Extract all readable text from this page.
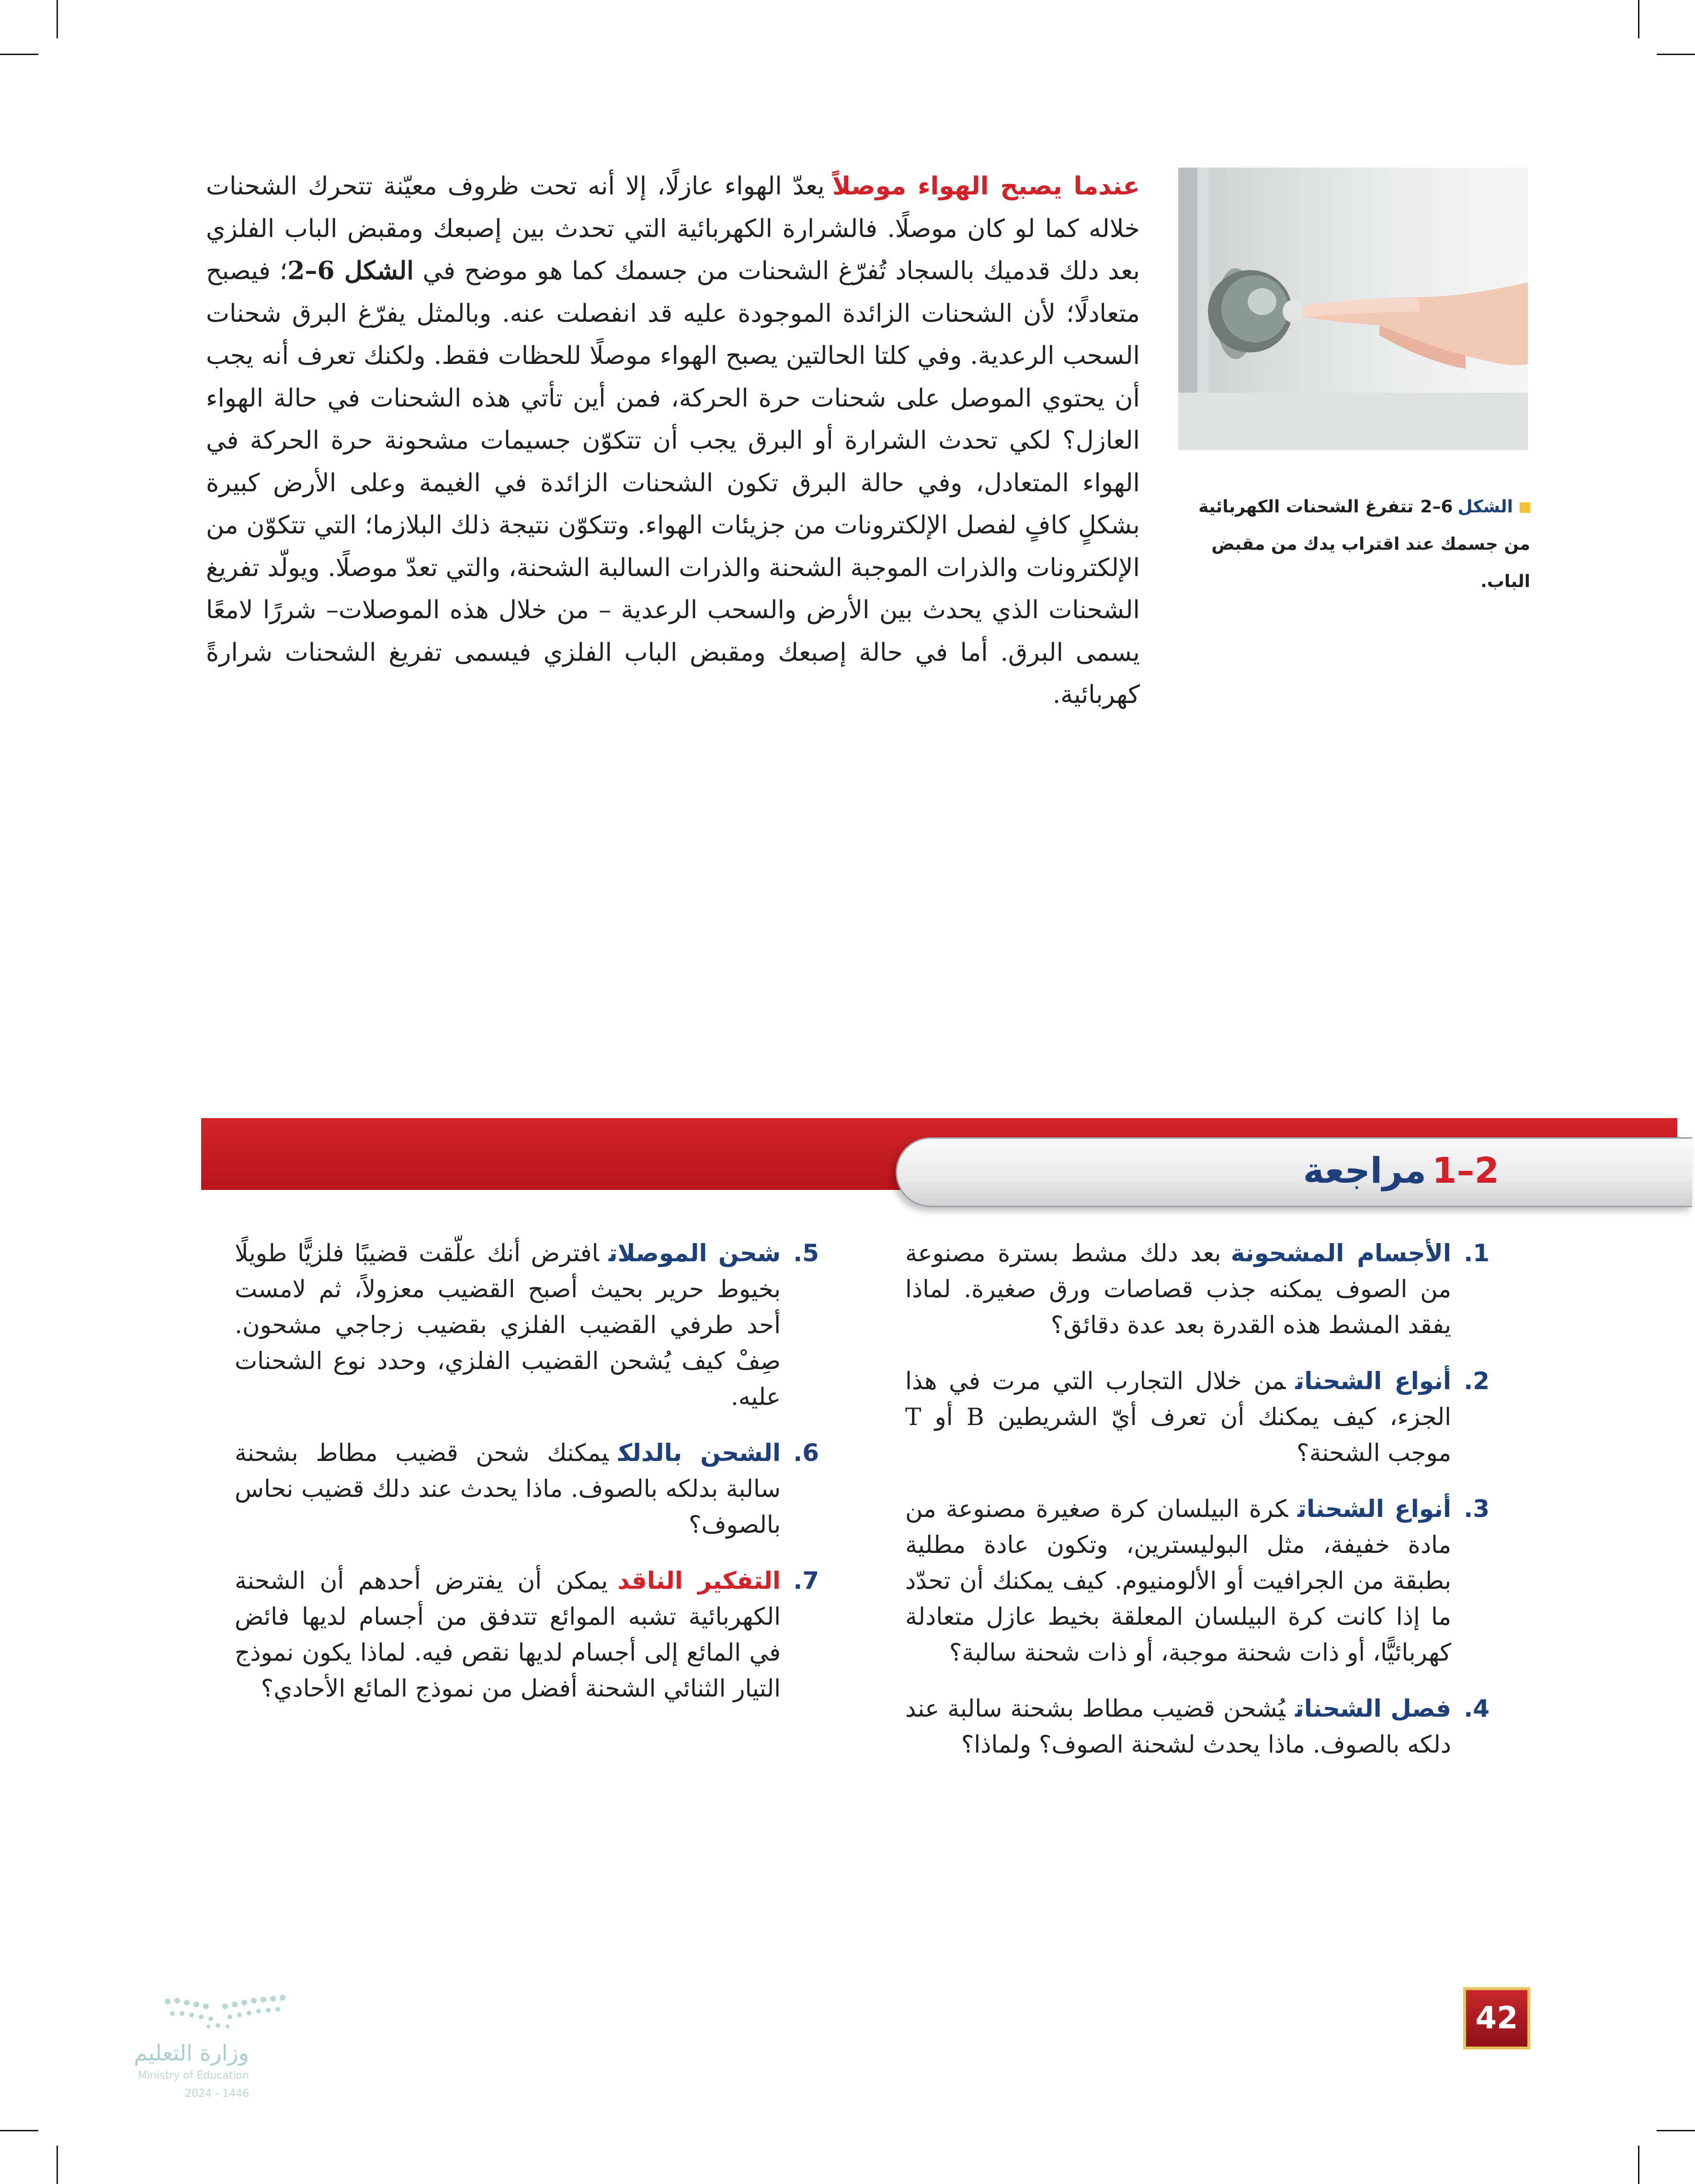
الشكل6–2تتفرغ الشحنات الكهربائية من جسمك عند اقتراب يدك من مقبض الباب.
عندما يصبح الهواء موصلاًيعدّ الهواء عازلًا، إلا أنه تحت ظروف معيّنة تتحرك الشحنات خلاله كما لو كان موصلًا. فالشرارة الكهربائية التي تحدث بين إصبعك ومقبض الباب الفلزي بعد دلك قدميك بالسجاد تُفرّغ الشحنات من جسمك كما هو موضح في الشكل 6–2؛ فيصبح متعادلًا؛ لأن الشحنات الزائدة الموجودة عليه قد انفصلت عنه. وبالمثل يفرّغ البرق شحنات السحب الرعدية. وفي كلتا الحالتين يصبح الهواء موصلًا للحظات فقط. ولكنك تعرف أنه يجب أن يحتوي الموصل على شحنات حرة الحركة، فمن أين تأتي هذه الشحنات في حالة الهواء العازل؟ لكي تحدث الشرارة أو البرق يجب أن تتكوّن جسيمات مشحونة حرة الحركة في الهواء المتعادل، وفي حالة البرق تكون الشحنات الزائدة في الغيمة وعلى الأرض كبيرة بشكلٍ كافٍ لفصل الإلكترونات من جزيئات الهواء. وتتكوّن نتيجة ذلك البلازما؛ التي تتكوّن من الإلكترونات والذرات الموجبة الشحنة والذرات السالبة الشحنة، والتي تعدّ موصلًا. ويولّد تفريغ الشحنات الذي يحدث بين الأرض والسحب الرعدية – من خلال هذه الموصلات– شررًا لامعًا يسمى البرق. أما في حالة إصبعك ومقبض الباب الفلزي فيسمى تفريغ الشحنات شرارةً كهربائية.
2–1مراجعة
1.
الأجسام المشحونةبعد دلك مشط بسترة مصنوعة من الصوف يمكنه جذب قصاصات ورق صغيرة. لماذا يفقد المشط هذه القدرة بعد عدة دقائق؟
2.
أنواع الشحناتمن خلال التجارب التي مرت في هذا الجزء، كيف يمكنك أن تعرف أيّ الشريطين B أو T موجب الشحنة؟
3.
أنواع الشحناتكرة البيلسان كرة صغيرة مصنوعة من مادة خفيفة، مثل البوليسترين، وتكون عادة مطلية بطبقة من الجرافيت أو الألومنيوم. كيف يمكنك أن تحدّد ما إذا كانت كرة البيلسان المعلقة بخيط عازل متعادلة كهربائيًّا، أو ذات شحنة موجبة، أو ذات شحنة سالبة؟
4.
فصل الشحناتيُشحن قضيب مطاط بشحنة سالبة عند دلكه بالصوف. ماذا يحدث لشحنة الصوف؟ ولماذا؟
5.
شحن الموصلاتافترض أنك علّقت قضيبًا فلزيًّا طويلًا بخيوط حرير بحيث أصبح القضيب معزولاً، ثم لامست أحد طرفي القضيب الفلزي بقضيب زجاجي مشحون. صِفْ كيف يُشحن القضيب الفلزي، وحدد نوع الشحنات عليه.
6.
الشحن بالدلكيمكنك شحن قضيب مطاط بشحنة سالبة بدلكه بالصوف. ماذا يحدث عند دلك قضيب نحاس بالصوف؟
7.
التفكير الناقديمكن أن يفترض أحدهم أن الشحنة الكهربائية تشبه الموائع تتدفق من أجسام لديها فائض في المائع إلى أجسام لديها نقص فيه. لماذا يكون نموذج التيار الثنائي الشحنة أفضل من نموذج المائع الأحادي؟
42
وزارة التعليم
Ministry of Education
2024 - 1446
